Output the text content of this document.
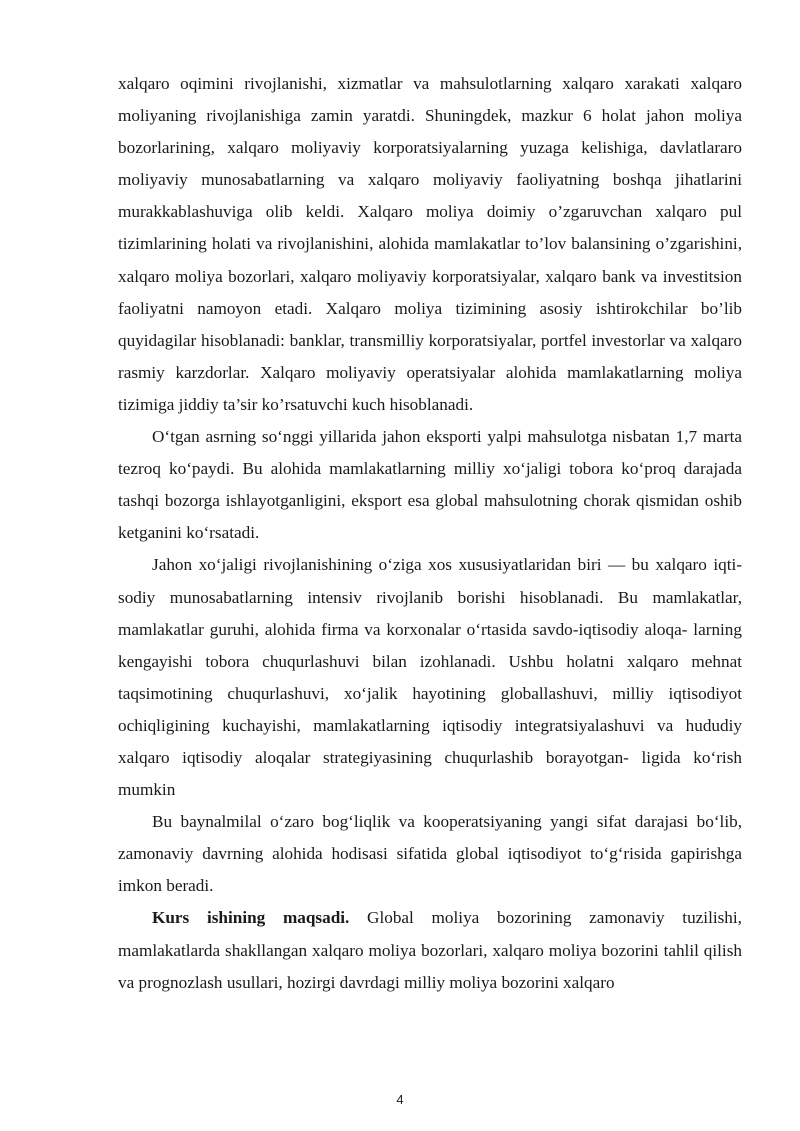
xalqaro oqimini rivojlanishi, xizmatlar va mahsulotlarning xalqaro xarakati xalqaro moliyaning rivojlanishiga zamin yaratdi. Shuningdek, mazkur 6 holat jahon moliya bozorlarining, xalqaro moliyaviy korporatsiyalarning yuzaga kelishiga, davlatlararo moliyaviy munosabatlarning va xalqaro moliyaviy faoliyatning boshqa jihatlarini murakkablashuviga olib keldi. Xalqaro moliya doimiy o’zgaruvchan xalqaro pul tizimlarining holati va rivojlanishini, alohida mamlakatlar to’lov balansining o’zgarishini, xalqaro moliya bozorlari, xalqaro moliyaviy korporatsiyalar, xalqaro bank va investitsion faoliyatni namoyon etadi. Xalqaro moliya tizimining asosiy ishtirokchilar bo’lib quyidagilar hisoblanadi: banklar, transmilliy korporatsiyalar, portfel investorlar va xalqaro rasmiy karzdorlar. Xalqaro moliyaviy operatsiyalar alohida mamlakatlarning moliya tizimiga jiddiy ta’sir ko’rsatuvchi kuch hisoblanadi.

O‘tgan asrning so‘nggi yillarida jahon eksporti yalpi mahsulotga nisbatan 1,7 marta tezroq ko‘paydi. Bu alohida mamlakatlarning milliy xo‘jaligi tobora ko‘proq darajada tashqi bozorga ishlayotganligini, eksport esa global mahsulotning chorak qismidan oshib ketganini ko‘rsatadi.

Jahon xo‘jaligi rivojlanishining o‘ziga xos xususiyatlaridan biri — bu xalqaro iqti- sodiy munosabatlarning intensiv rivojlanib borishi hisoblanadi. Bu mamlakatlar, mamlakatlar guruhi, alohida firma va korxonalar o‘rtasida savdo-iqtisodiy aloqa- larning kengayishi tobora chuqurlashuvi bilan izohlanadi. Ushbu holatni xalqaro mehnat taqsimotining chuqurlashuvi, xo‘jalik hayotining globallashuvi, milliy iqtisodiyot ochiqligining kuchayishi, mamlakatlarning iqtisodiy integratsiyalashuvi va hududiy xalqaro iqtisodiy aloqalar strategiyasining chuqurlashib borayotgan- ligida ko‘rish mumkin

Bu baynalmilal o‘zaro bog‘liqlik va kooperatsiyaning yangi sifat darajasi bo‘lib, zamonaviy davrning alohida hodisasi sifatida global iqtisodiyot to‘g‘risida gapirishga imkon beradi.

Kurs ishining maqsadi. Global moliya bozorining zamonaviy tuzilishi, mamlakatlarda shakllangan xalqaro moliya bozorlari, xalqaro moliya bozorini tahlil qilish va prognozlash usullari, hozirgi davrdagi milliy moliya bozorini xalqaro

4
